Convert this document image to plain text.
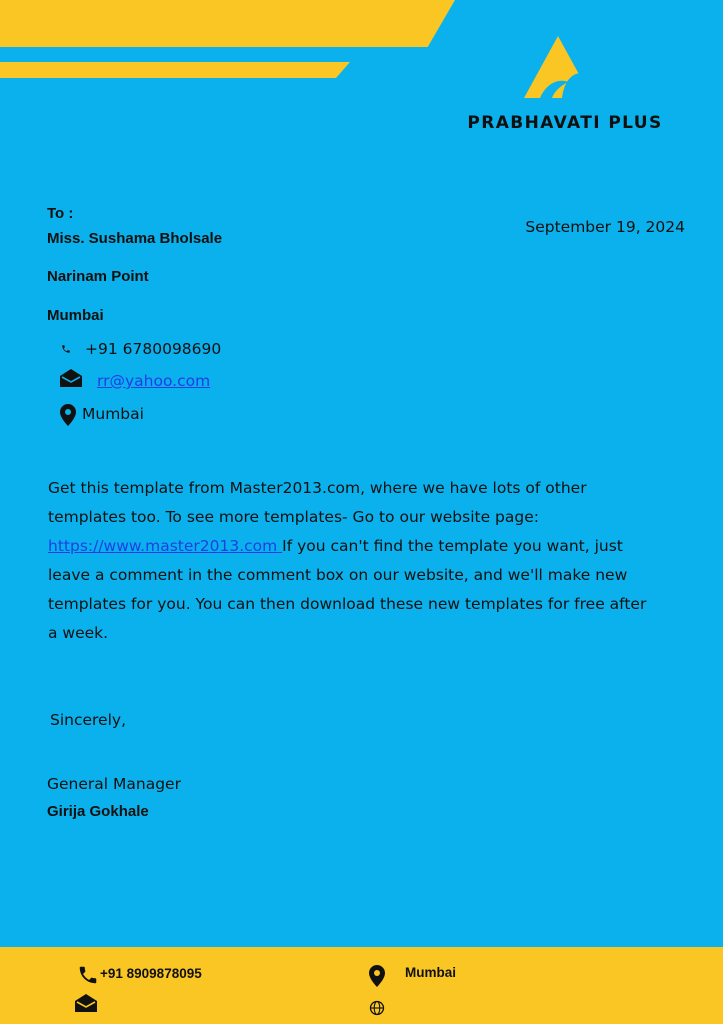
PRABHAVATI PLUS
September 19, 2024
To :
Miss. Sushama Bholsale
Narinam Point
Mumbai
+91 6780098690
rr@yahoo.com
Mumbai
Get this template from Master2013.com, where we have lots of other
templates too. To see more templates- Go to our website page:
https://www.master2013.com If you can't find the template you want, just
leave a comment in the comment box on our website, and we'll make new
templates for you. You can then download these new templates for free after
a week.
Sincerely,
General Manager
Girija Gokhale
+91 8909878095	Mumbai
